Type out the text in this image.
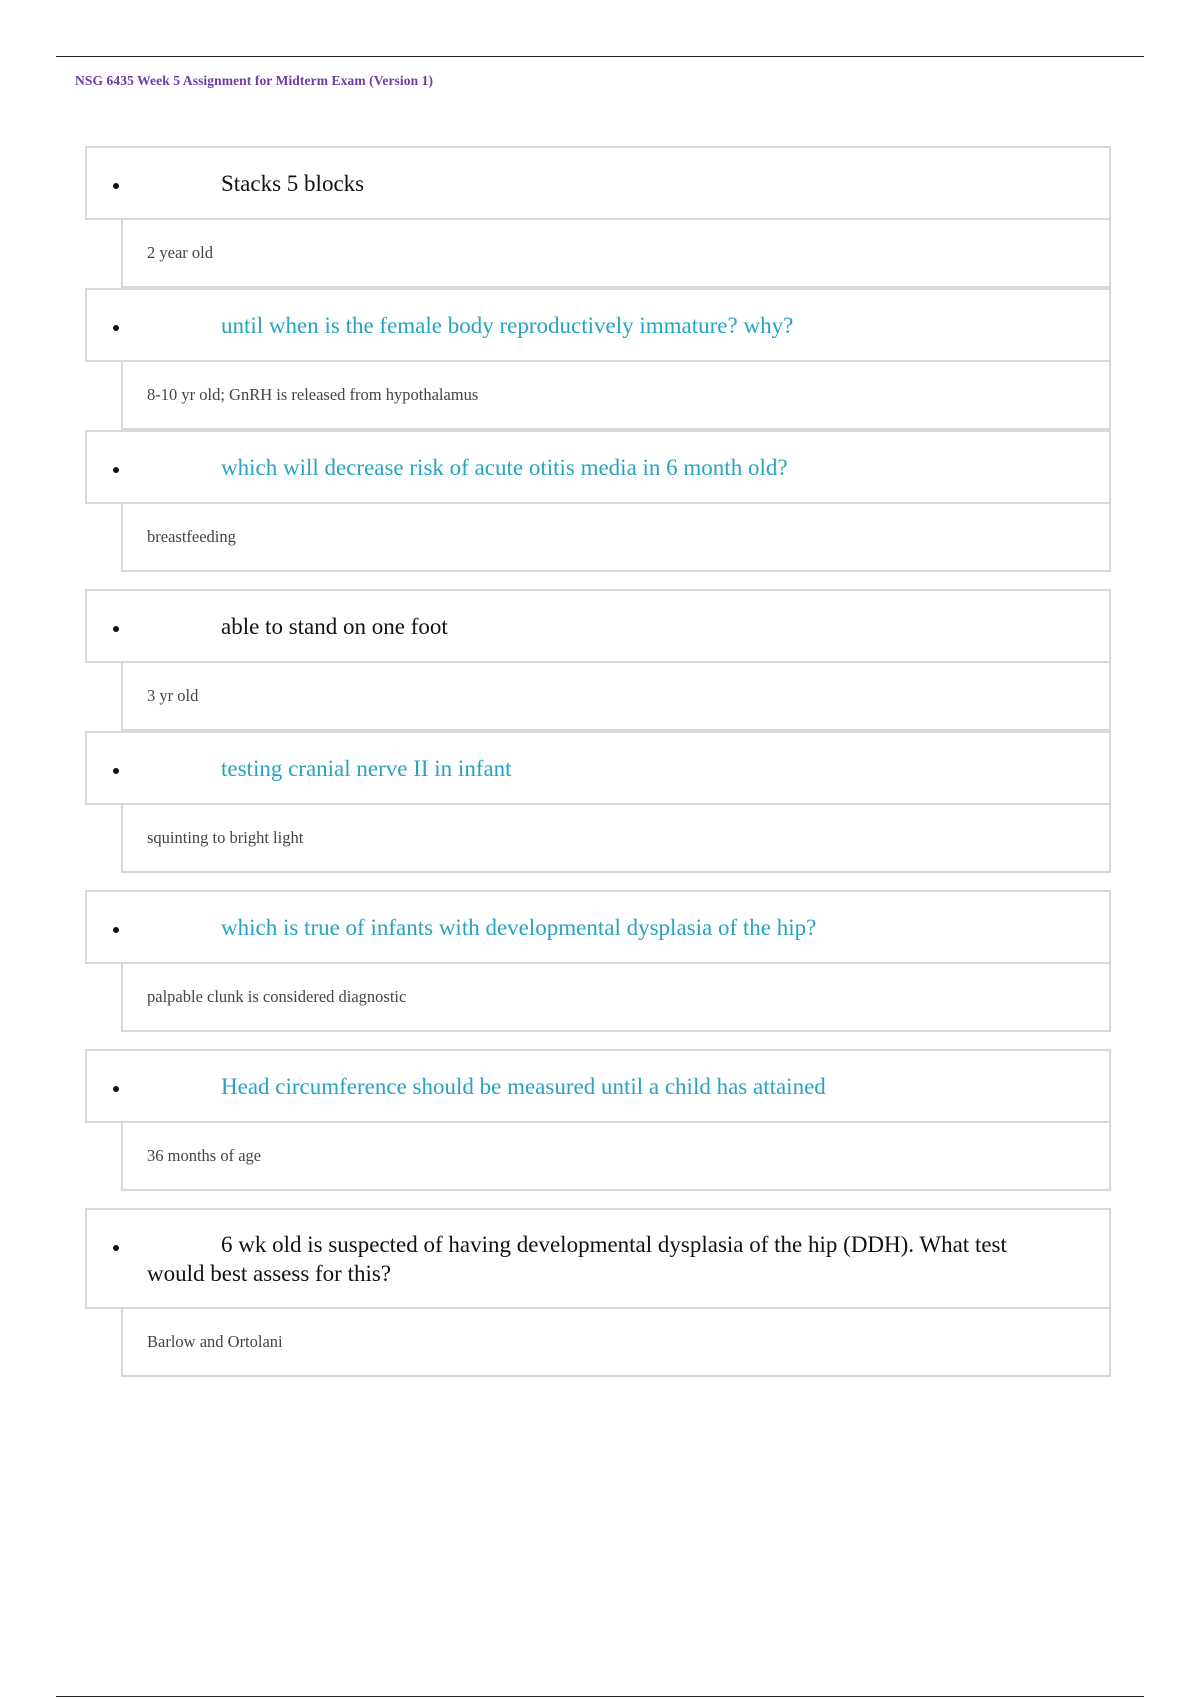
NSG 6435 Week 5 Assignment for Midterm Exam (Version 1)
Stacks 5 blocks
2 year old
until when is the female body reproductively immature? why?
8-10 yr old; GnRH is released from hypothalamus
which will decrease risk of acute otitis media in 6 month old?
breastfeeding
able to stand on one foot
3 yr old
testing cranial nerve II in infant
squinting to bright light
which is true of infants with developmental dysplasia of the hip?
palpable clunk is considered diagnostic
Head circumference should be measured until a child has attained
36 months of age
6 wk old is suspected of having developmental dysplasia of the hip (DDH). What test would best assess for this?
Barlow and Ortolani
